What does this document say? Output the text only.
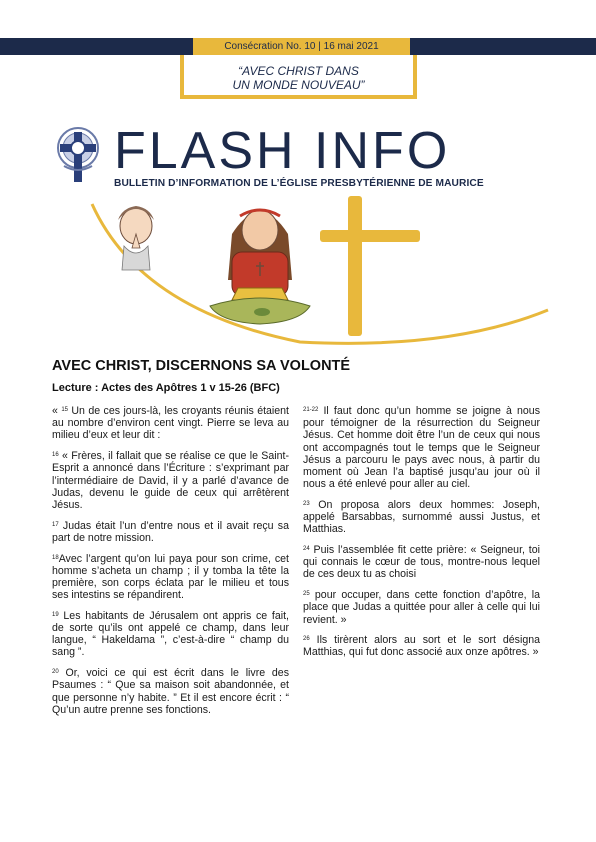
Consécration No. 10 | 16 mai 2021
“AVEC CHRIST DANS
UN MONDE NOUVEAU”
FLASH INFO
BULLETIN D’INFORMATION DE L’ÉGLISE PRESBYTÉRIENNE DE MAURICE
AVEC CHRIST, DISCERNONS SA VOLONTÉ
Lecture : Actes des Apôtres 1 v 15-26 (BFC)

« $^{15}$ Un de ces jours-là, les croyants réunis étaient au nombre d’environ cent vingt. Pierre se leva au milieu d’eux et leur dit :

$^{16}$ « Frères, il fallait que se réalise ce que le Saint-Esprit a annoncé dans l’Écriture : s’exprimant par l’intermédiaire de David, il y a parlé d’avance de Judas, devenu le guide de ceux qui arrêtèrent Jésus.

$^{17}$ Judas était l’un d’entre nous et il avait reçu sa part de notre mission.

$^{18}$Avec l’argent qu’on lui paya pour son crime, cet homme s’acheta un champ ; il y tomba la tête la première, son corps éclata par le milieu et tous ses intestins se répandirent.

$^{19}$ Les habitants de Jérusalem ont appris ce fait, de sorte qu’ils ont appelé ce champ, dans leur langue, “ Hakeldama ”, c’est-à-dire “ champ du sang ”.

$^{20}$ Or, voici ce qui est écrit dans le livre des Psaumes : “ Que sa maison soit abandonnée, et que personne n’y habite. ” Et il est encore écrit : “ Qu’un autre prenne ses fonctions.

$^{21-22}$ Il faut donc qu’un homme se joigne à nous pour témoigner de la résurrection du Seigneur Jésus. Cet homme doit être l’un de ceux qui nous ont accompagnés tout le temps que le Seigneur Jésus a parcouru le pays avec nous, à partir du moment où Jean l’a baptisé jusqu’au jour où il nous a été enlevé pour aller au ciel.

$^{23}$ On proposa alors deux hommes: Joseph, appelé Barsabbas, surnommé aussi Justus, et Matthias.

$^{24}$ Puis l’assemblée fit cette prière: « Seigneur, toi qui connais le cœur de tous, montre-nous lequel de ces deux tu as choisi

$^{25}$ pour occuper, dans cette fonction d’apôtre, la place que Judas a quittée pour aller à celle qui lui revient. »

$^{26}$ Ils tirèrent alors au sort et le sort désigna Matthias, qui fut donc associé aux onze apôtres. »
